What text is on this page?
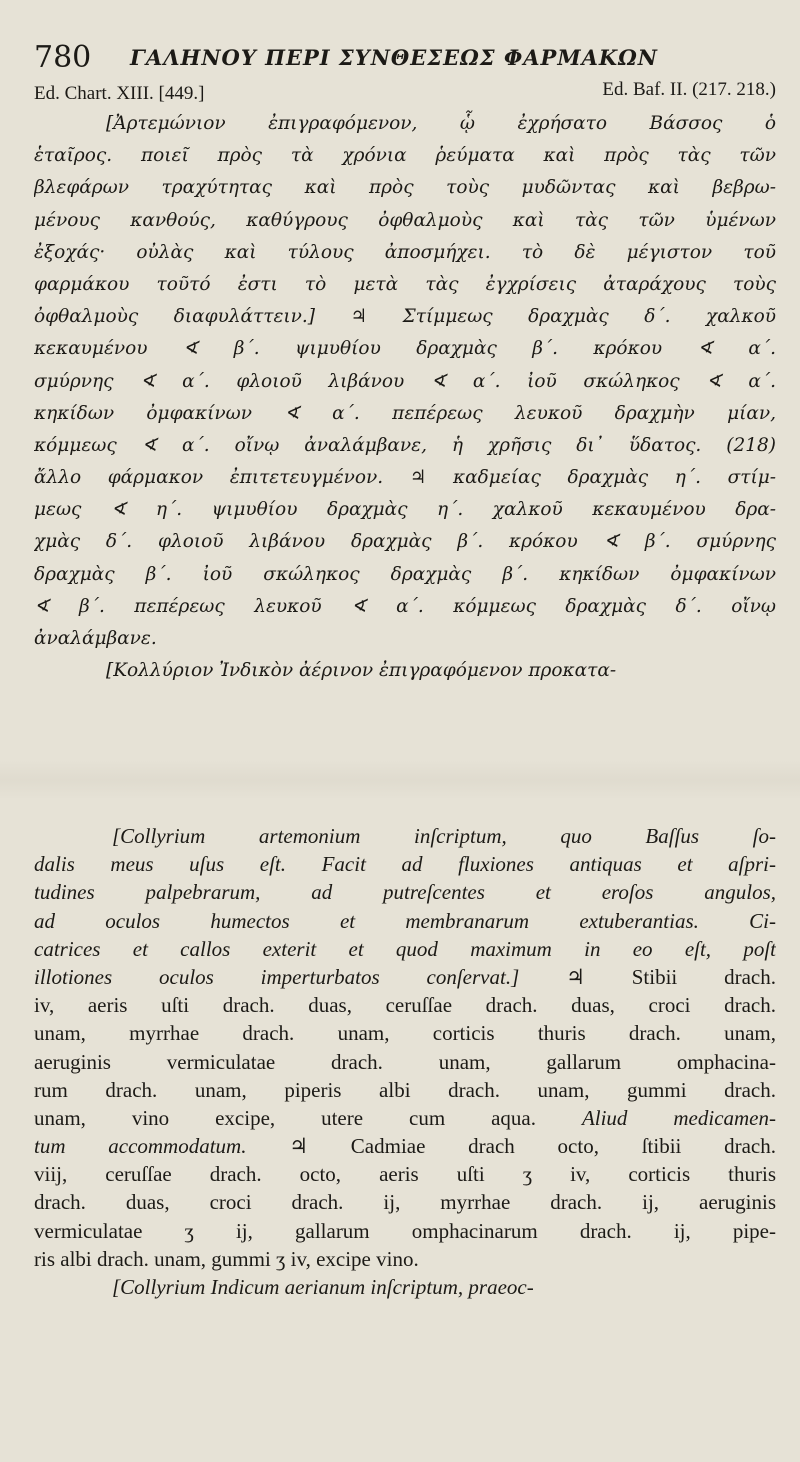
780 ΓΑΛΗΝΟΥ ΠΕΡΙ ΣΥΝΘΕΣΕΩΣ ΦΑΡΜΑΚΩΝ
Ed. Chart. XIII. [449.]	Ed. Baf. II. (217. 218.)
[Ἀρτεμώνιον ἐπιγραφόμενον, ᾧ ἐχρήσατο Βάσσος ὁ
ἑταῖρος. ποιεῖ πρὸς τὰ χρόνια ῥεύματα καὶ πρὸς τὰς τῶν
βλεφάρων τραχύτητας καὶ πρὸς τοὺς μυδῶντας καὶ βεβρω-
μένους κανθούς, καθύγρους ὀφθαλμοὺς καὶ τὰς τῶν ὑμένων
ἐξοχάς· οὐλὰς καὶ τύλους ἀποσμήχει. τὸ δὲ μέγιστον τοῦ
φαρμάκου τοῦτό ἐστι τὸ μετὰ τὰς ἐγχρίσεις ἀταράχους τοὺς
ὀφθαλμοὺς διαφυλάττειν.] ♃ Στίμμεως δραχμὰς δ΄. χαλκοῦ
κεκαυμένου ∢ β΄. ψιμυθίου δραχμὰς β΄. κρόκου ∢ α΄.
σμύρνης ∢ α΄. φλοιοῦ λιβάνου ∢ α΄. ἰοῦ σκώληκος ∢ α΄.
κηκίδων ὀμφακίνων ∢ α΄. πεπέρεως λευκοῦ δραχμὴν μίαν,
κόμμεως ∢ α΄. οἴνῳ ἀναλάμβανε, ἡ χρῆσις δι᾽ ὕδατος. (218)
ἄλλο φάρμακον ἐπιτετευγμένον. ♃ καδμείας δραχμὰς η΄. στίμ-
μεως ∢ η΄. ψιμυθίου δραχμὰς η΄. χαλκοῦ κεκαυμένου δρα-
χμὰς δ΄. φλοιοῦ λιβάνου δραχμὰς β΄. κρόκου ∢ β΄. σμύρνης
δραχμὰς β΄. ἰοῦ σκώληκος δραχμὰς β΄. κηκίδων ὀμφακίνων
∢ β΄. πεπέρεως λευκοῦ ∢ α΄. κόμμεως δραχμὰς δ΄. οἴνῳ
ἀναλάμβανε.
[Κολλύριον Ἰνδικὸν ἀέρινον ἐπιγραφόμενον προκατα-
[Collyrium artemonium inſcriptum, quo Baſſus ſo-
dalis meus uſus eſt. Facit ad fluxiones antiquas et aſpri-
tudines palpebrarum, ad putreſcentes et eroſos angulos,
ad oculos humectos et membranarum extuberantias. Ci-
catrices et callos exterit et quod maximum in eo eſt, poſt
illotiones oculos imperturbatos conſervat.] ♃ Stibii drach.
iv, aeris uſti drach. duas, ceruſſae drach. duas, croci drach.
unam, myrrhae drach. unam, corticis thuris drach. unam,
aeruginis vermiculatae drach. unam, gallarum omphacina-
rum drach. unam, piperis albi drach. unam, gummi drach.
unam, vino excipe, utere cum aqua. Aliud medicamen-
tum accommodatum. ♃ Cadmiae drach octo, ſtibii drach.
viij, ceruſſae drach. octo, aeris uſti ʒ iv, corticis thuris
drach. duas, croci drach. ij, myrrhae drach. ij, aeruginis
vermiculatae ʒ ij, gallarum omphacinarum drach. ij, pipe-
ris albi drach. unam, gummi ʒ iv, excipe vino.
[Collyrium Indicum aerianum inſcriptum, praeoc-
